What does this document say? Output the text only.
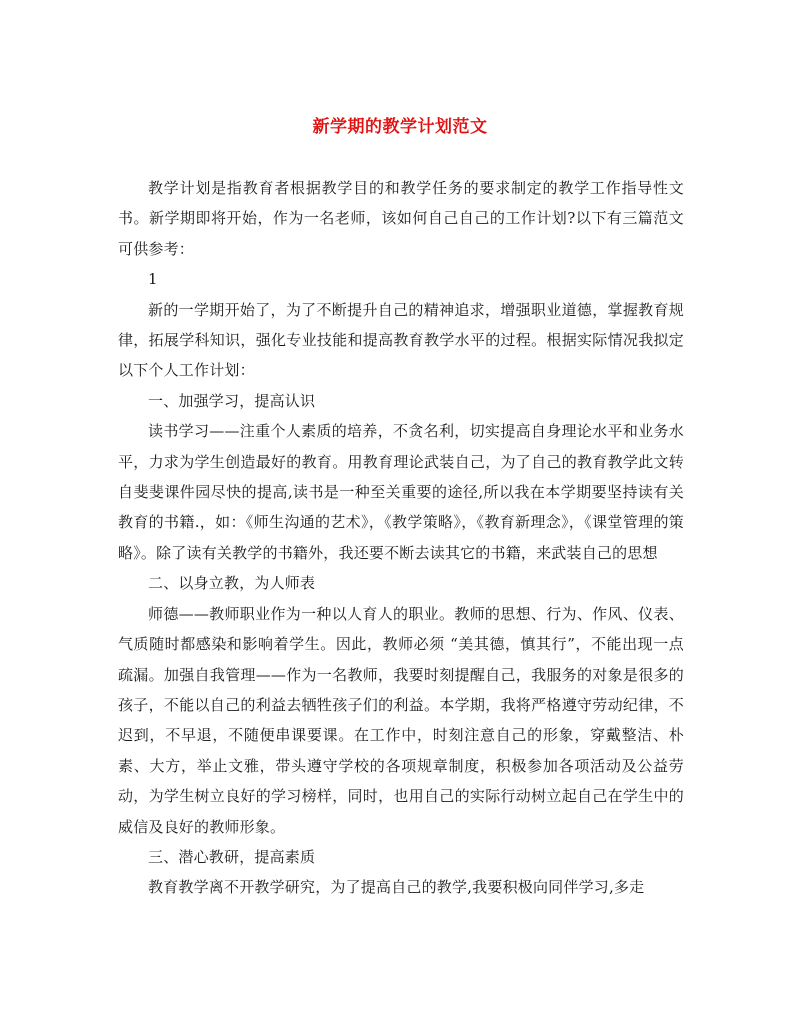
新学期的教学计划范文

教学计划是指教育者根据教学目的和教学任务的要求制定的教学工作指导性文书。新学期即将开始，作为一名老师，该如何自己自己的工作计划?以下有三篇范文可供参考：

1

新的一学期开始了，为了不断提升自己的精神追求，增强职业道德，掌握教育规律，拓展学科知识，强化专业技能和提高教育教学水平的过程。根据实际情况我拟定以下个人工作计划：

一、加强学习，提高认识

读书学习——注重个人素质的培养，不贪名利，切实提高自身理论水平和业务水平，力求为学生创造最好的教育。用教育理论武装自己，为了自己的教育教学此文转自斐斐课件园尽快的提高,读书是一种至关重要的途径,所以我在本学期要坚持读有关教育的书籍.，如：《师生沟通的艺术》，《教学策略》，《教育新理念》，《课堂管理的策略》。除了读有关教学的书籍外，我还要不断去读其它的书籍，来武装自己的思想

二、以身立教，为人师表

师德——教师职业作为一种以人育人的职业。教师的思想、行为、作风、仪表、气质随时都感染和影响着学生。因此，教师必须 “美其德，慎其行”，不能出现一点疏漏。加强自我管理——作为一名教师，我要时刻提醒自己，我服务的对象是很多的孩子，不能以自己的利益去牺牲孩子们的利益。本学期，我将严格遵守劳动纪律，不迟到，不早退，不随便串课要课。在工作中，时刻注意自己的形象，穿戴整洁、朴素、大方，举止文雅，带头遵守学校的各项规章制度，积极参加各项活动及公益劳动，为学生树立良好的学习榜样，同时，也用自己的实际行动树立起自己在学生中的威信及良好的教师形象。

三、潜心教研，提高素质

教育教学离不开教学研究，为了提高自己的教学,我要积极向同伴学习,多走
